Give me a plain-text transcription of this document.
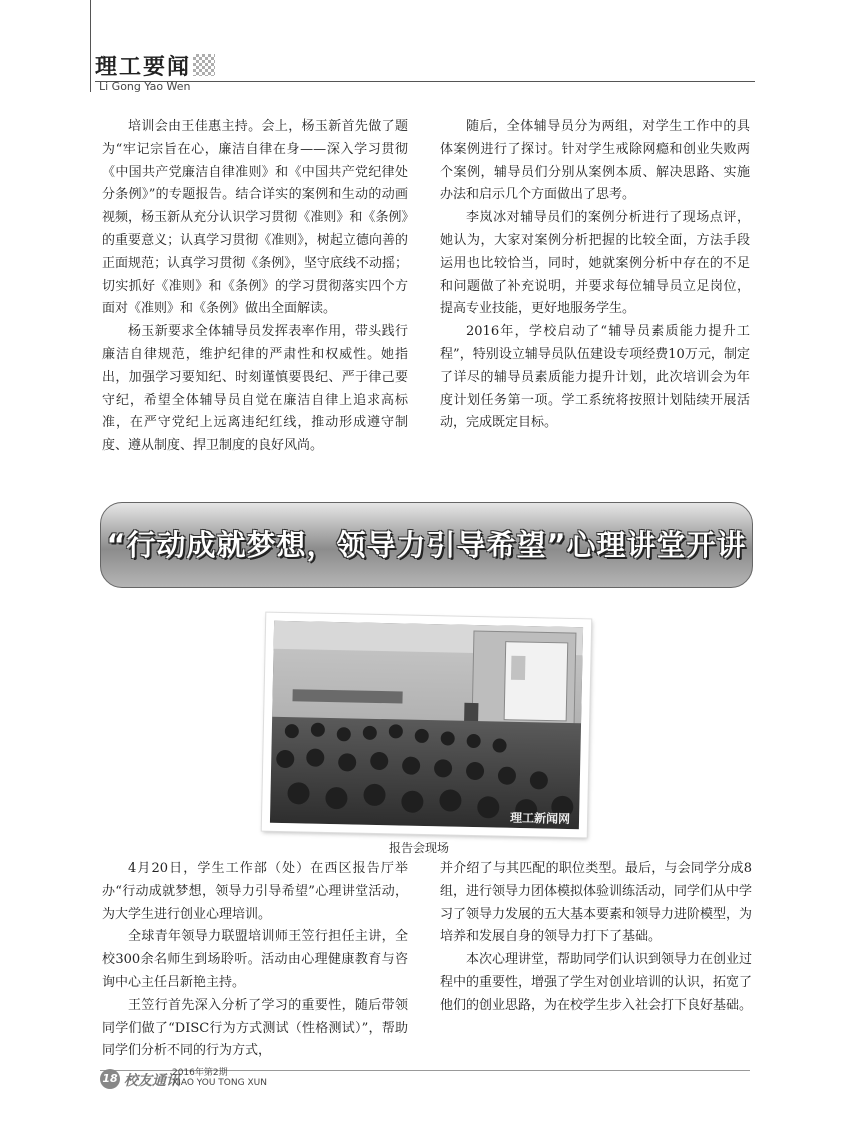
理工要闻
Li Gong Yao Wen

培训会由王佳惠主持。会上，杨玉新首先做了题为“牢记宗旨在心，廉洁自律在身——深入学习贯彻《中国共产党廉洁自律准则》和《中国共产党纪律处分条例》”的专题报告。结合详实的案例和生动的动画视频，杨玉新从充分认识学习贯彻《准则》和《条例》的重要意义；认真学习贯彻《准则》，树起立德向善的正面规范；认真学习贯彻《条例》，坚守底线不动摇；切实抓好《准则》和《条例》的学习贯彻落实四个方面对《准则》和《条例》做出全面解读。

杨玉新要求全体辅导员发挥表率作用，带头践行廉洁自律规范，维护纪律的严肃性和权威性。她指出，加强学习要知纪、时刻谨慎要畏纪、严于律己要守纪，希望全体辅导员自觉在廉洁自律上追求高标准，在严守党纪上远离违纪红线，推动形成遵守制度、遵从制度、捍卫制度的良好风尚。

随后，全体辅导员分为两组，对学生工作中的具体案例进行了探讨。针对学生戒除网瘾和创业失败两个案例，辅导员们分别从案例本质、解决思路、实施办法和启示几个方面做出了思考。

李岚冰对辅导员们的案例分析进行了现场点评，她认为，大家对案例分析把握的比较全面，方法手段运用也比较恰当，同时，她就案例分析中存在的不足和问题做了补充说明，并要求每位辅导员立足岗位，提高专业技能，更好地服务学生。

2016年，学校启动了“辅导员素质能力提升工程”，特别设立辅导员队伍建设专项经费10万元，制定了详尽的辅导员素质能力提升计划，此次培训会为年度计划任务第一项。学工系统将按照计划陆续开展活动，完成既定目标。

“行动成就梦想，领导力引导希望”心理讲堂开讲
理工新闻网
报告会现场

4月20日，学生工作部（处）在西区报告厅举办“行动成就梦想，领导力引导希望”心理讲堂活动，为大学生进行创业心理培训。

全球青年领导力联盟培训师王笠行担任主讲，全校300余名师生到场聆听。活动由心理健康教育与咨询中心主任吕新艳主持。

王笠行首先深入分析了学习的重要性，随后带领同学们做了“DISC行为方式测试（性格测试）”，帮助同学们分析不同的行为方式，

并介绍了与其匹配的职位类型。最后，与会同学分成8组，进行领导力团体模拟体验训练活动，同学们从中学习了领导力发展的五大基本要素和领导力进阶模型，为培养和发展自身的领导力打下了基础。

本次心理讲堂，帮助同学们认识到领导力在创业过程中的重要性，增强了学生对创业培训的认识，拓宽了他们的创业思路，为在校学生步入社会打下良好基础。

18 校友通讯
2016年第2期
XIAO YOU TONG XUN
